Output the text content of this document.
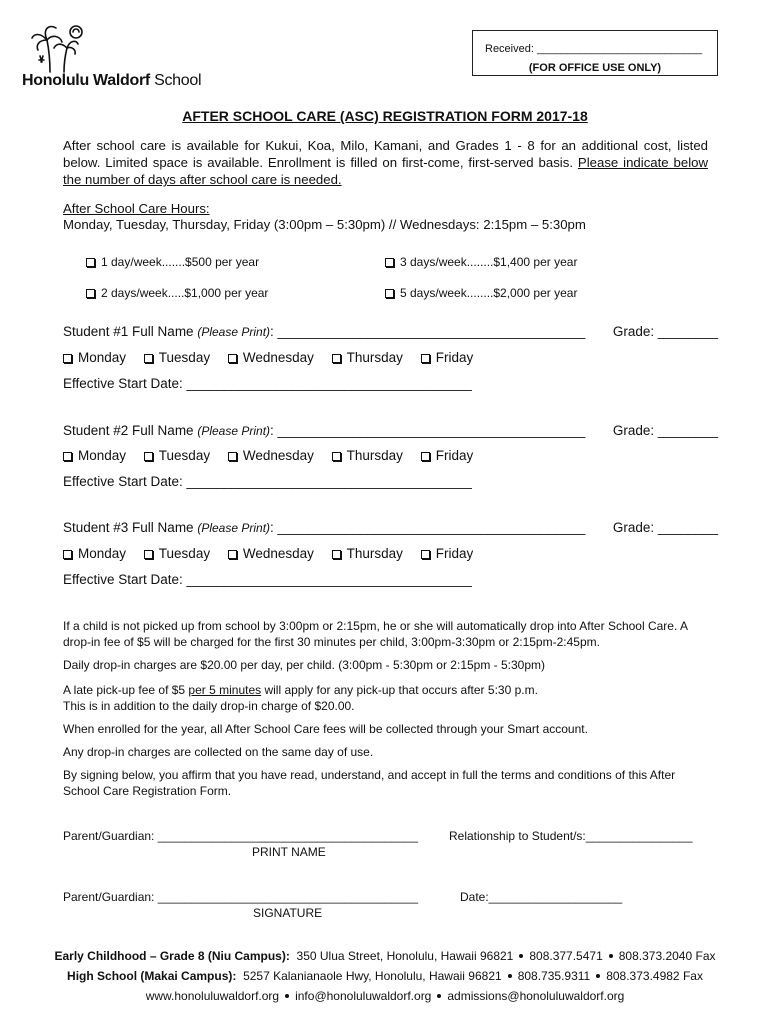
Honolulu Waldorf School
Received: ___________________________
(FOR OFFICE USE ONLY)
AFTER SCHOOL CARE (ASC) REGISTRATION FORM 2017-18
After school care is available for Kukui, Koa, Milo, Kamani, and Grades 1 - 8 for an additional cost, listed below. Limited space is available. Enrollment is filled on first-come, first-served basis. Please indicate below the number of days after school care is needed.
After School Care Hours:
Monday, Tuesday, Thursday, Friday (3:00pm – 5:30pm) // Wednesdays: 2:15pm – 5:30pm
1 day/week.......$500 per year	3 days/week........$1,400 per year
2 days/week.....$1,000 per year	5 days/week........$2,000 per year
Student #1 Full Name (Please Print): _________________________________________ Grade: ________
Monday Tuesday Wednesday Thursday Friday
Effective Start Date: ______________________________________
Student #2 Full Name (Please Print): _________________________________________ Grade: ________
Monday Tuesday Wednesday Thursday Friday
Effective Start Date: ______________________________________
Student #3 Full Name (Please Print): _________________________________________ Grade: ________
Monday Tuesday Wednesday Thursday Friday
Effective Start Date: ______________________________________
If a child is not picked up from school by 3:00pm or 2:15pm, he or she will automatically drop into After School Care. A drop-in fee of $5 will be charged for the first 30 minutes per child, 3:00pm-3:30pm or 2:15pm-2:45pm.
Daily drop-in charges are $20.00 per day, per child. (3:00pm - 5:30pm or 2:15pm - 5:30pm)
A late pick-up fee of $5 per 5 minutes will apply for any pick-up that occurs after 5:30 p.m.
This is in addition to the daily drop-in charge of $20.00.
When enrolled for the year, all After School Care fees will be collected through your Smart account.
Any drop-in charges are collected on the same day of use.
By signing below, you affirm that you have read, understand, and accept in full the terms and conditions of this After School Care Registration Form.
Parent/Guardian: _______________________________________	Relationship to Student/s:________________
PRINT NAME
Parent/Guardian: _______________________________________	Date:____________________
SIGNATURE
Early Childhood – Grade 8 (Niu Campus): 350 Ulua Street, Honolulu, Hawaii 96821 808.377.5471 808.373.2040 Fax
High School (Makai Campus): 5257 Kalanianaole Hwy, Honolulu, Hawaii 96821 808.735.9311 808.373.4982 Fax
www.honoluluwaldorf.org info@honoluluwaldorf.org admissions@honoluluwaldorf.org
